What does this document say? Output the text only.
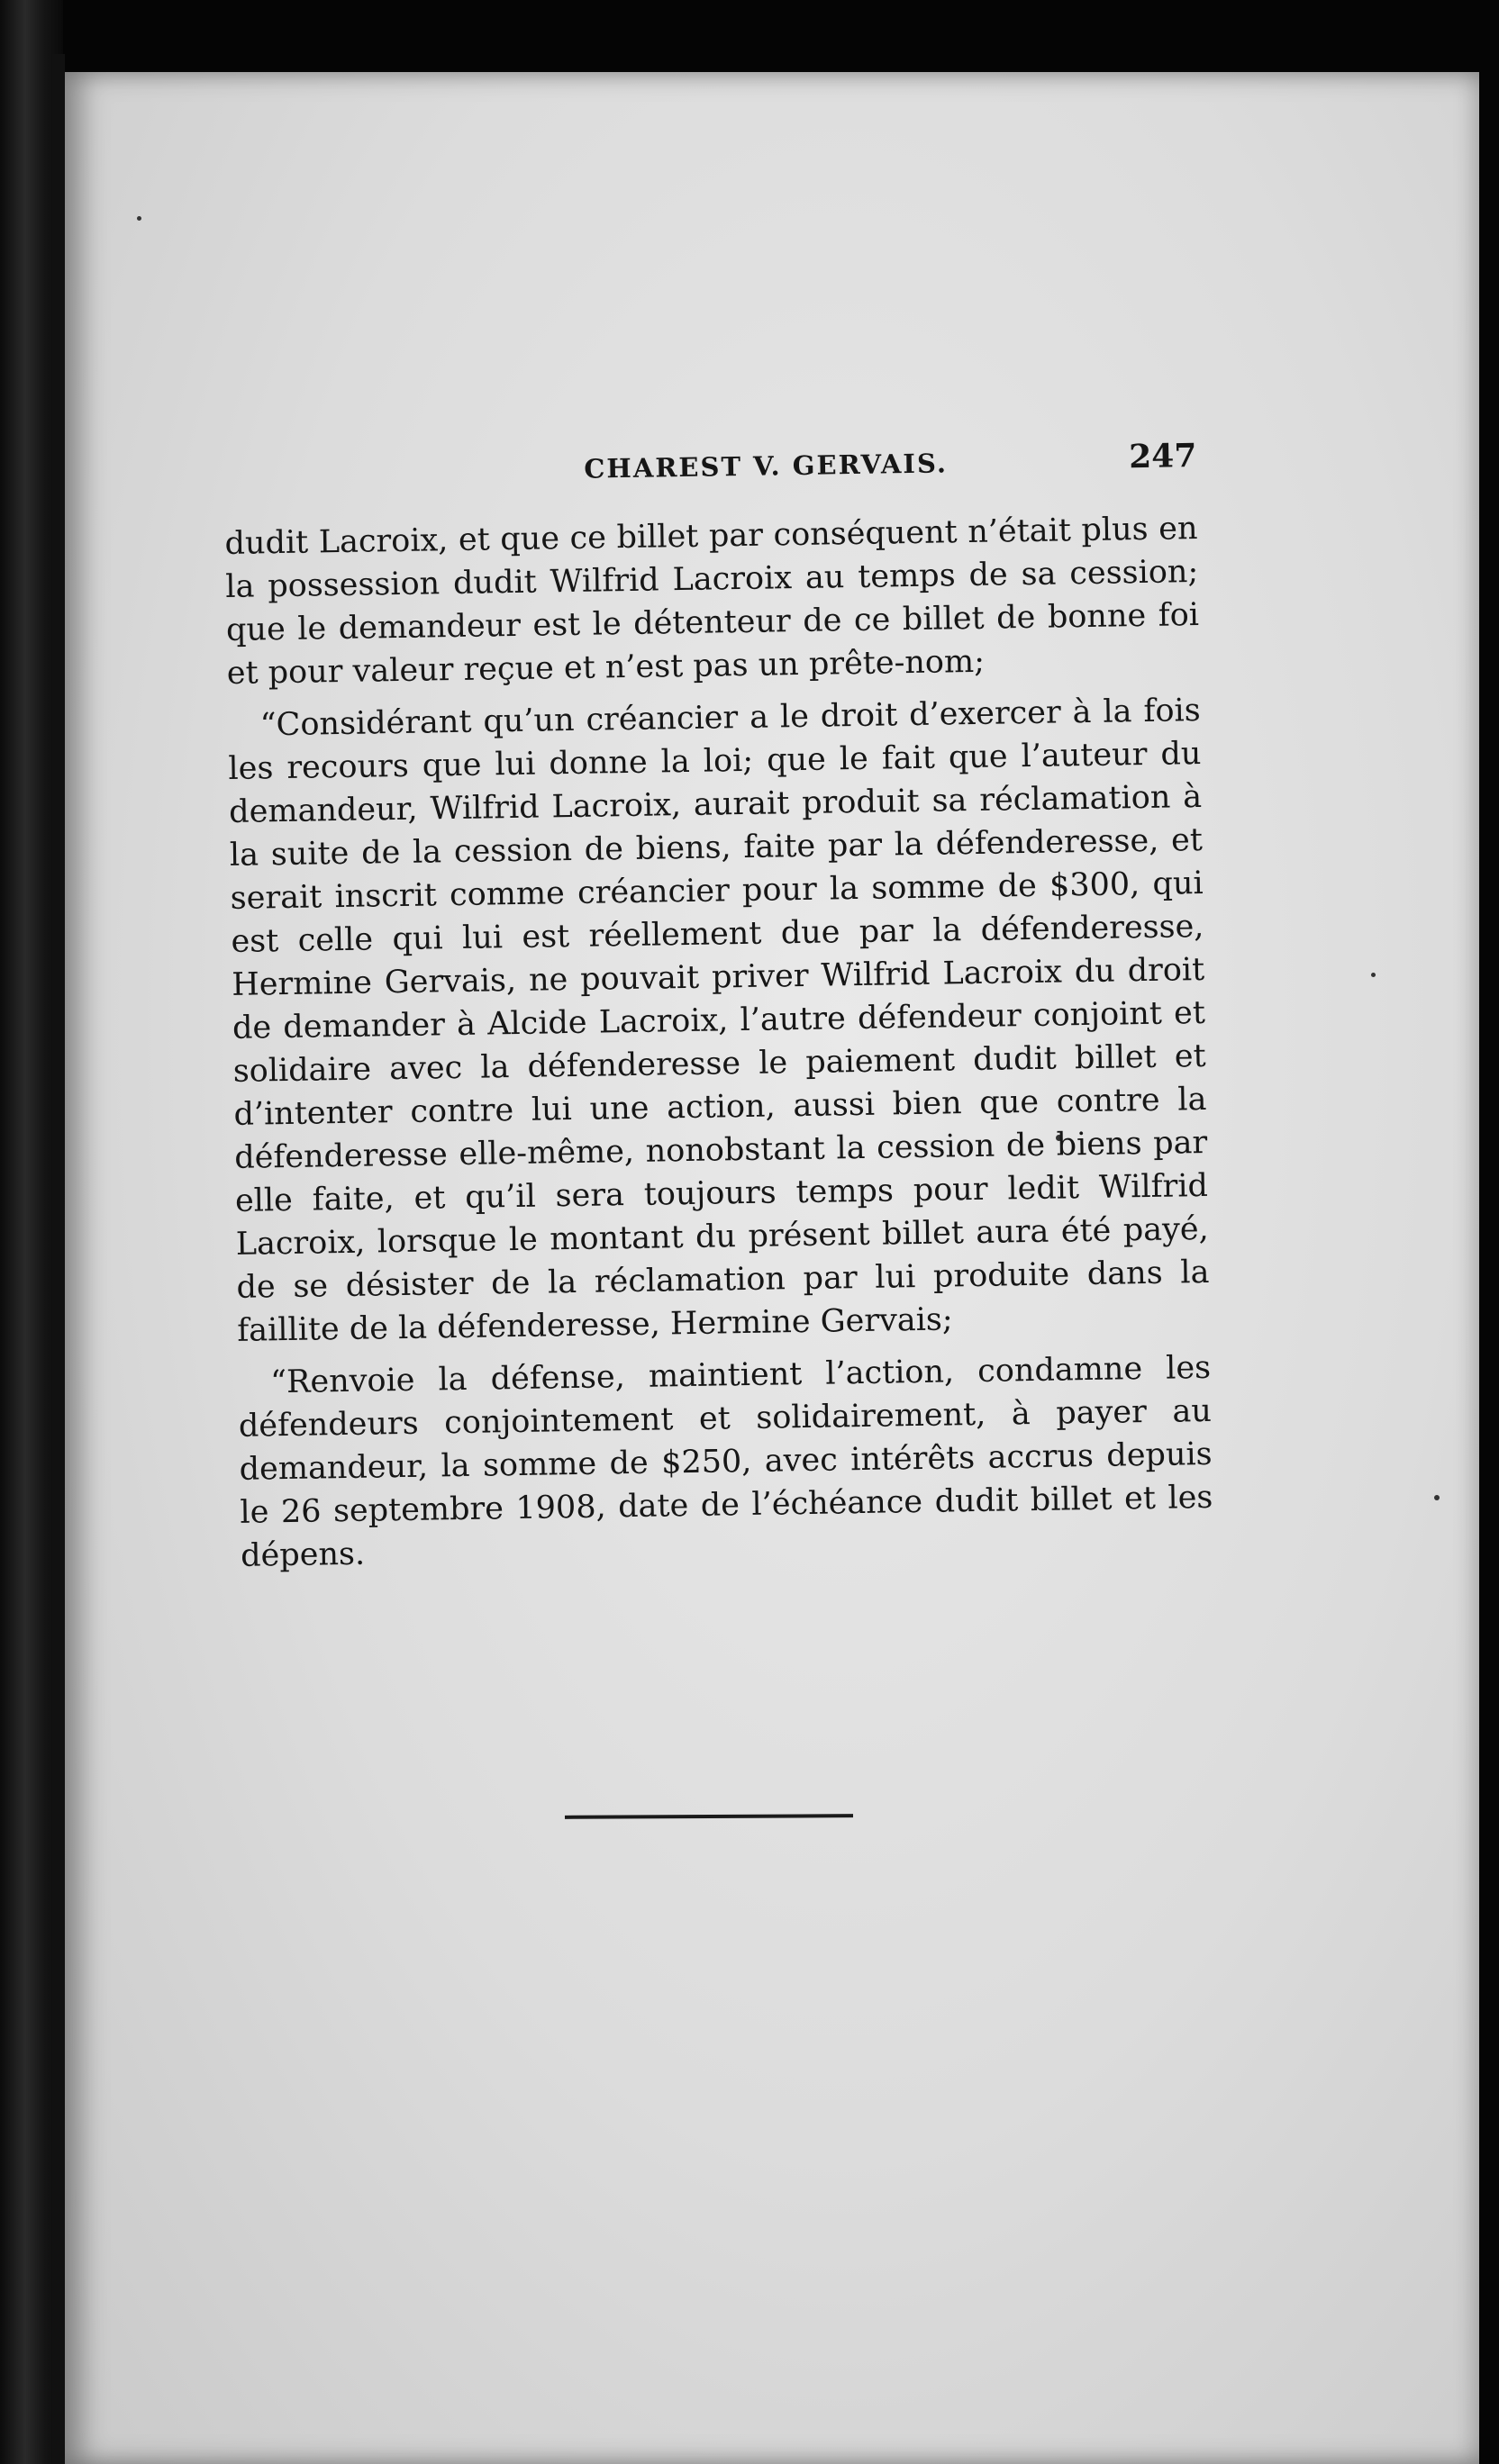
CHAREST V. GERVAIS.	247

dudit Lacroix, et que ce billet par conséquent n’était plus en la possession dudit Wilfrid Lacroix au temps de sa cession; que le demandeur est le détenteur de ce billet de bonne foi et pour valeur reçue et n’est pas un prête-nom;

“Considérant qu’un créancier a le droit d’exercer à la fois les recours que lui donne la loi; que le fait que l’auteur du demandeur, Wilfrid Lacroix, aurait produit sa réclamation à la suite de la cession de biens, faite par la défenderesse, et serait inscrit comme créancier pour la somme de $300, qui est celle qui lui est réellement due par la défenderesse, Hermine Gervais, ne pouvait priver Wilfrid Lacroix du droit de demander à Alcide Lacroix, l’autre défendeur conjoint et solidaire avec la défenderesse le paiement dudit billet et d’intenter contre lui une action, aussi bien que contre la défenderesse elle-même, nonobstant la cession de biens par elle faite, et qu’il sera toujours temps pour ledit Wilfrid Lacroix, lorsque le montant du présent billet aura été payé, de se désister de la réclamation par lui produite dans la faillite de la défenderesse, Hermine Gervais;

“Renvoie la défense, maintient l’action, condamne les défendeurs conjointement et solidairement, à payer au demandeur, la somme de $250, avec intérêts accrus depuis le 26 septembre 1908, date de l’échéance dudit billet et les dépens.
